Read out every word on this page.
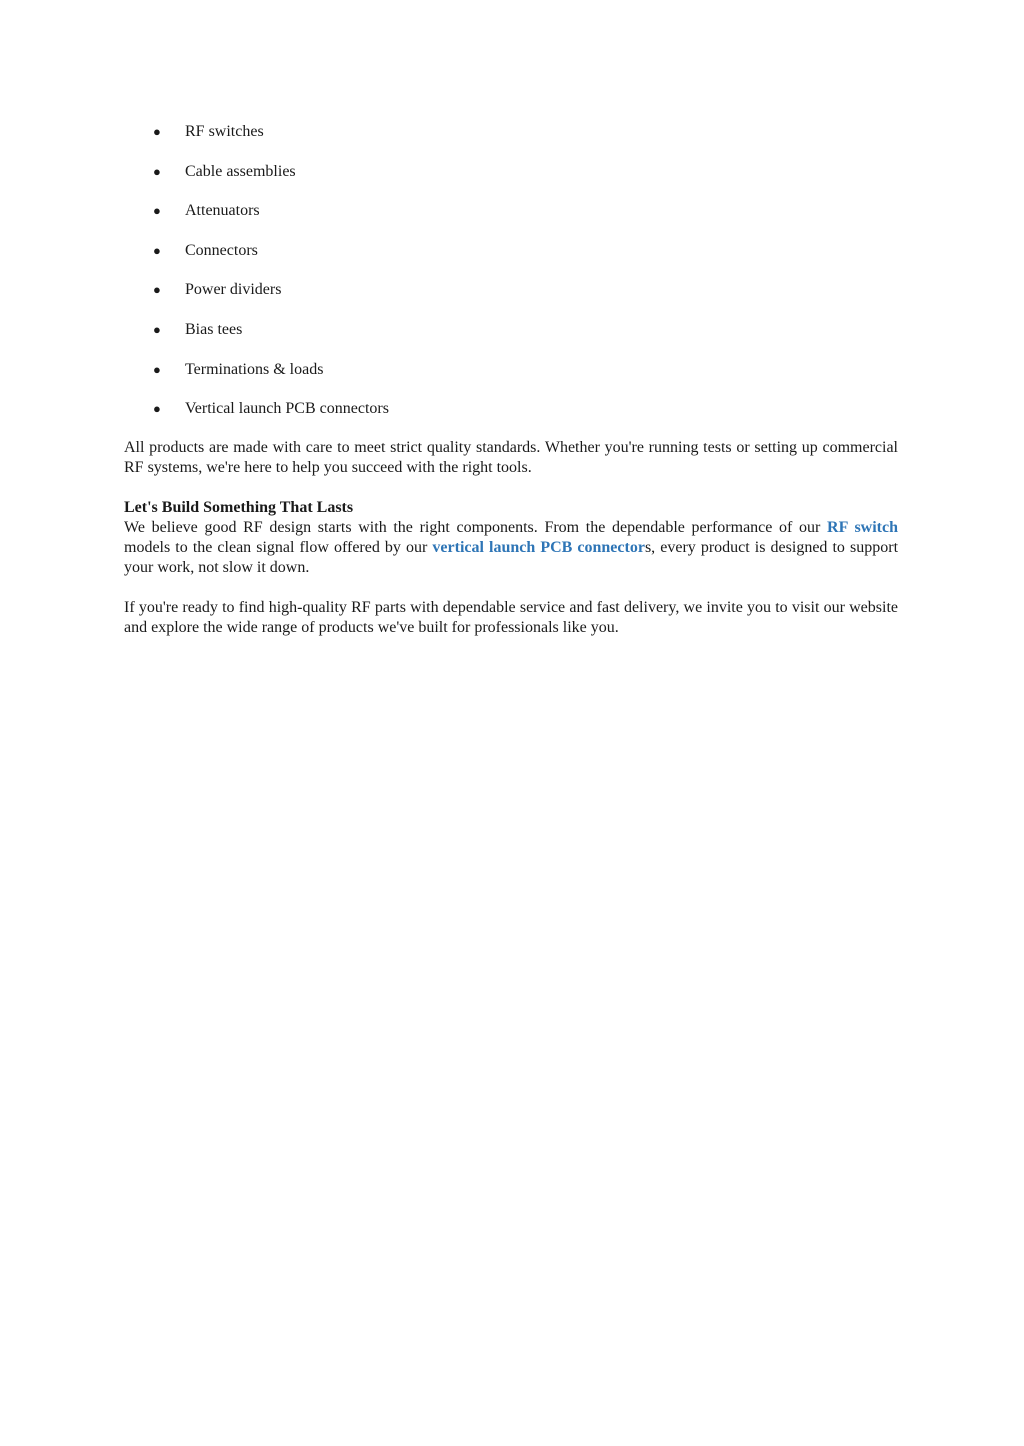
● RF switches
● Cable assemblies
● Attenuators
● Connectors
● Power dividers
● Bias tees
● Terminations & loads
● Vertical launch PCB connectors

All products are made with care to meet strict quality standards. Whether you're running tests or setting up commercial RF systems, we're here to help you succeed with the right tools.

Let's Build Something That Lasts
We believe good RF design starts with the right components. From the dependable performance of our RF switch models to the clean signal flow offered by our vertical launch PCB connectors, every product is designed to support your work, not slow it down.

If you're ready to find high-quality RF parts with dependable service and fast delivery, we invite you to visit our website and explore the wide range of products we've built for professionals like you.
